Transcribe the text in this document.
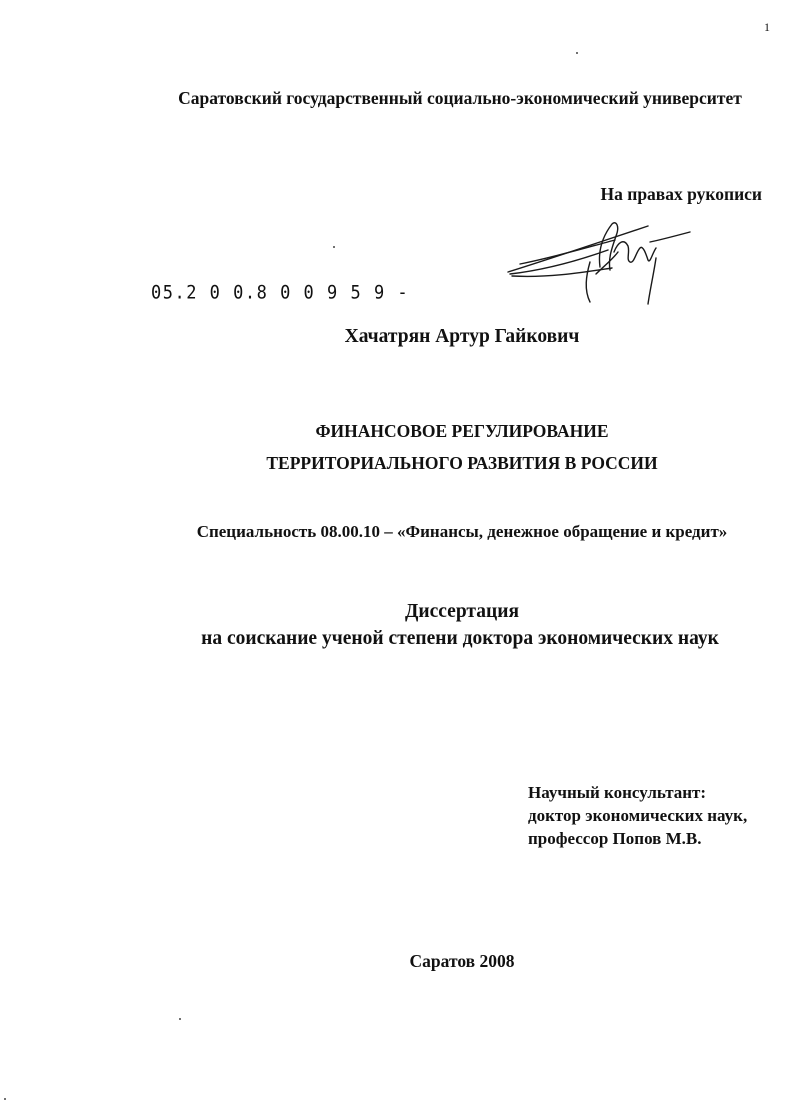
1
Саратовский государственный социально-экономический университет
На правах рукописи
05.2 0 0.8 0 0 9 5 9 -
Хачатрян Артур Гайкович
ФИНАНСОВОЕ РЕГУЛИРОВАНИЕ
ТЕРРИТОРИАЛЬНОГО РАЗВИТИЯ В РОССИИ
Специальность 08.00.10 – «Финансы, денежное обращение и кредит»
Диссертация
на соискание ученой степени доктора экономических наук
Научный консультант:
доктор экономических наук,
профессор Попов М.В.
Саратов 2008
